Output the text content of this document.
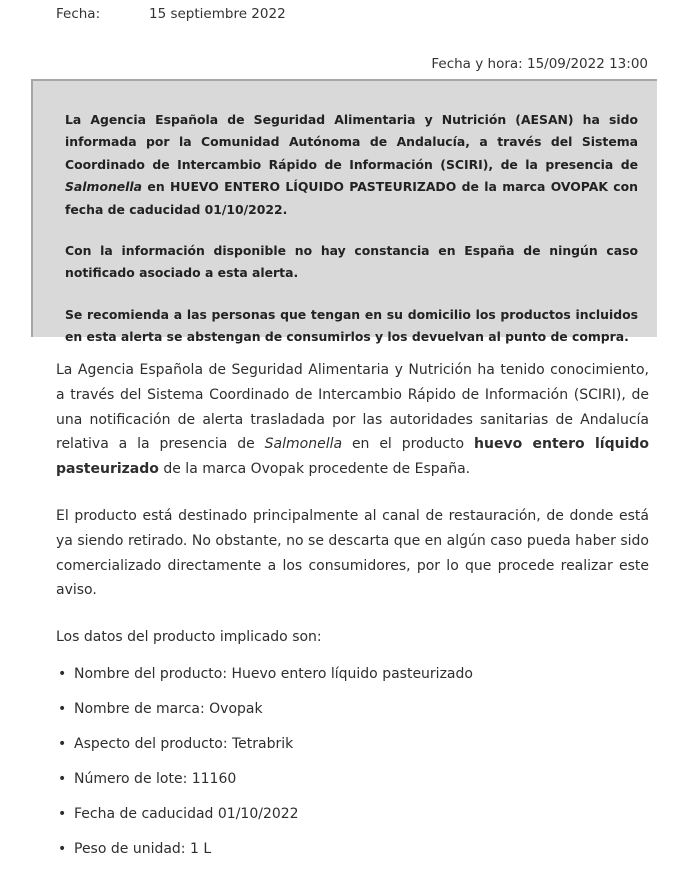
Fecha:	15 septiembre 2022
Fecha y hora: 15/09/2022 13:00

La Agencia Española de Seguridad Alimentaria y Nutrición (AESAN) ha sido informada por la Comunidad Autónoma de Andalucía, a través del Sistema Coordinado de Intercambio Rápido de Información (SCIRI), de la presencia de Salmonella en HUEVO ENTERO LÍQUIDO PASTEURIZADO de la marca OVOPAK con fecha de caducidad 01/10/2022.

Con la información disponible no hay constancia en España de ningún caso notificado asociado a esta alerta.

Se recomienda a las personas que tengan en su domicilio los productos incluidos en esta alerta se abstengan de consumirlos y los devuelvan al punto de compra.

La Agencia Española de Seguridad Alimentaria y Nutrición ha tenido conocimiento, a través del Sistema Coordinado de Intercambio Rápido de Información (SCIRI), de una notificación de alerta trasladada por las autoridades sanitarias de Andalucía relativa a la presencia de Salmonella en el producto huevo entero líquido pasteurizado de la marca Ovopak procedente de España.

El producto está destinado principalmente al canal de restauración, de donde está ya siendo retirado. No obstante, no se descarta que en algún caso pueda haber sido comercializado directamente a los consumidores, por lo que procede realizar este aviso.

Los datos del producto implicado son:

• Nombre del producto: Huevo entero líquido pasteurizado
• Nombre de marca: Ovopak
• Aspecto del producto: Tetrabrik
• Número de lote: 11160
• Fecha de caducidad 01/10/2022
• Peso de unidad: 1 L
